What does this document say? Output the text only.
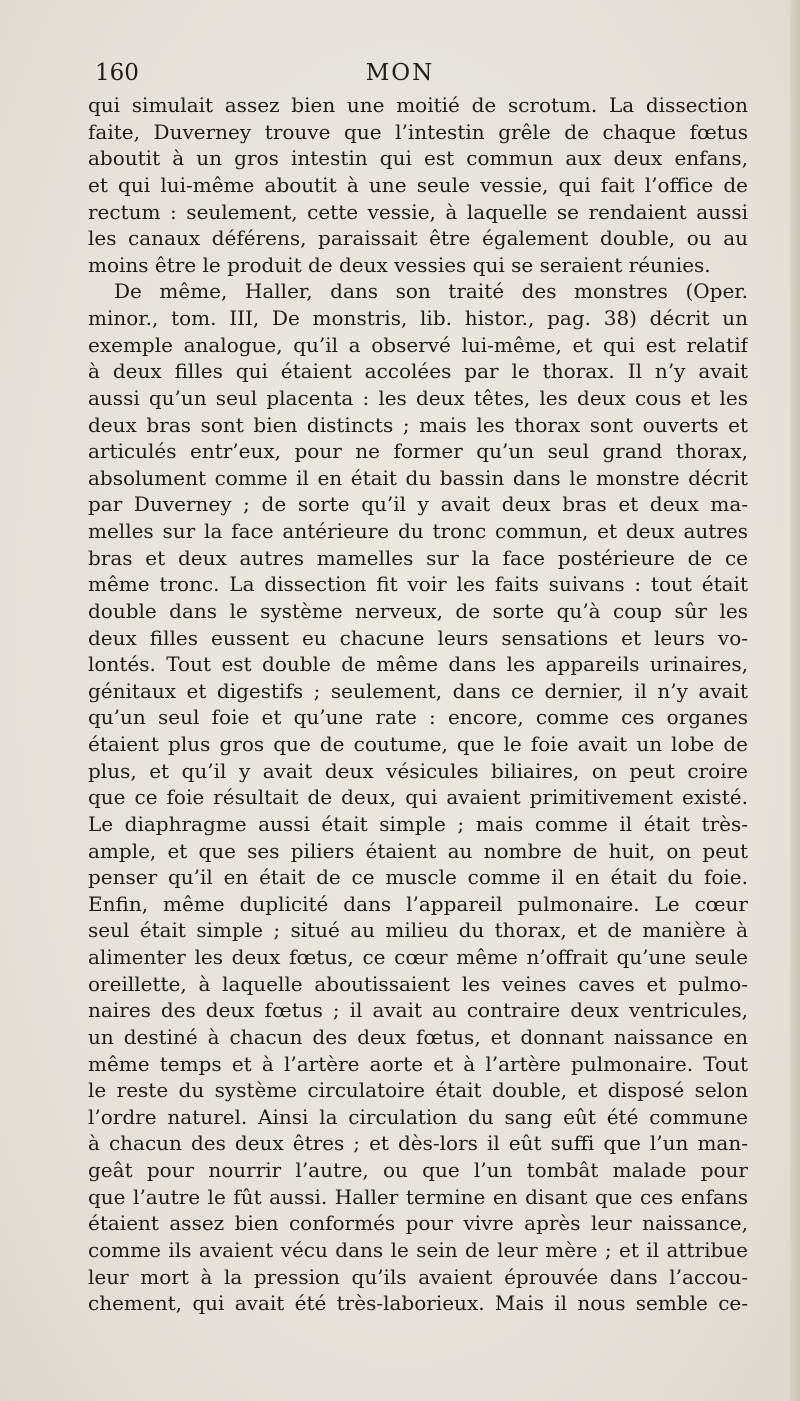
160	MON
qui simulait assez bien une moitié de scrotum. La dissection
faite, Duverney trouve que l’intestin grêle de chaque fœtus
aboutit à un gros intestin qui est commun aux deux enfans,
et qui lui-même aboutit à une seule vessie, qui fait l’office de
rectum : seulement, cette vessie, à laquelle se rendaient aussi
les canaux déférens, paraissait être également double, ou au
moins être le produit de deux vessies qui se seraient réunies.
De même, Haller, dans son traité des monstres (Oper.
minor., tom. III, De monstris, lib. histor., pag. 38) décrit un
exemple analogue, qu’il a observé lui-même, et qui est relatif
à deux filles qui étaient accolées par le thorax. Il n’y avait
aussi qu’un seul placenta : les deux têtes, les deux cous et les
deux bras sont bien distincts ; mais les thorax sont ouverts et
articulés entr’eux, pour ne former qu’un seul grand thorax,
absolument comme il en était du bassin dans le monstre décrit
par Duverney ; de sorte qu’il y avait deux bras et deux ma-
melles sur la face antérieure du tronc commun, et deux autres
bras et deux autres mamelles sur la face postérieure de ce
même tronc. La dissection fit voir les faits suivans : tout était
double dans le système nerveux, de sorte qu’à coup sûr les
deux filles eussent eu chacune leurs sensations et leurs vo-
lontés. Tout est double de même dans les appareils urinaires,
génitaux et digestifs ; seulement, dans ce dernier, il n’y avait
qu’un seul foie et qu’une rate : encore, comme ces organes
étaient plus gros que de coutume, que le foie avait un lobe de
plus, et qu’il y avait deux vésicules biliaires, on peut croire
que ce foie résultait de deux, qui avaient primitivement existé.
Le diaphragme aussi était simple ; mais comme il était très-
ample, et que ses piliers étaient au nombre de huit, on peut
penser qu’il en était de ce muscle comme il en était du foie.
Enfin, même duplicité dans l’appareil pulmonaire. Le cœur
seul était simple ; situé au milieu du thorax, et de manière à
alimenter les deux fœtus, ce cœur même n’offrait qu’une seule
oreillette, à laquelle aboutissaient les veines caves et pulmo-
naires des deux fœtus ; il avait au contraire deux ventricules,
un destiné à chacun des deux fœtus, et donnant naissance en
même temps et à l’artère aorte et à l’artère pulmonaire. Tout
le reste du système circulatoire était double, et disposé selon
l’ordre naturel. Ainsi la circulation du sang eût été commune
à chacun des deux êtres ; et dès-lors il eût suffi que l’un man-
geât pour nourrir l’autre, ou que l’un tombât malade pour
que l’autre le fût aussi. Haller termine en disant que ces enfans
étaient assez bien conformés pour vivre après leur naissance,
comme ils avaient vécu dans le sein de leur mère ; et il attribue
leur mort à la pression qu’ils avaient éprouvée dans l’accou-
chement, qui avait été très-laborieux. Mais il nous semble ce-
